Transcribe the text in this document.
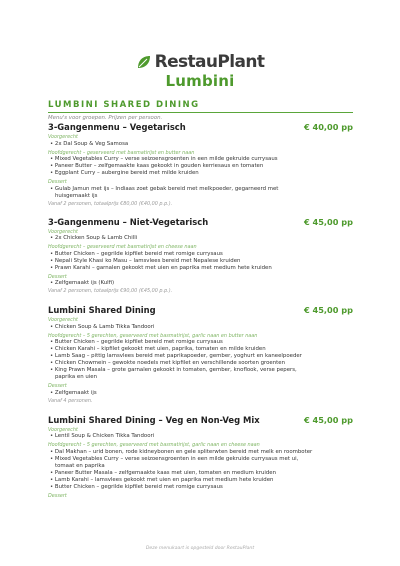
RestauPlant
Lumbini
LUMBINI SHARED DINING
Menu's voor groepen. Prijzen per persoon.
3-Gangenmenu – Vegetarisch	€ 40,00 pp
Voorgerecht
• 2x Dal Soup & Veg Samosa
Hoofdgerecht – geserveerd met basmatirijst en butter naan
• Mixed Vegetables Curry – verse seizoensgroenten in een milde gekruide currysaus
• Paneer Butter – zelfgemaakte kaas gekookt in gouden kerriesaus en tomaten
• Eggplant Curry – aubergine bereid met milde kruiden
Dessert
• Gulab Jamun met ijs – Indiaas zoet gebak bereid met melkpoeder, gegarneerd met
huisgemaakt ijs
Vanaf 2 personen, totaalprijs €80,00 (€40,00 p.p.).
3-Gangenmenu – Niet-Vegetarisch	€ 45,00 pp
Voorgerecht
• 2x Chicken Soup & Lamb Chilli
Hoofdgerecht – geserveerd met basmatirijst en cheese naan
• Butter Chicken – gegrilde kipfilet bereid met romige currysaus
• Nepali Style Khasi ko Masu – lamsvlees bereid met Nepalese kruiden
• Prawn Karahi – garnalen gekookt met uien en paprika met medium hete kruiden
Dessert
• Zelfgemaakt ijs (Kulfi)
Vanaf 2 personen, totaalprijs €90,00 (€45,00 p.p.).
Lumbini Shared Dining	€ 45,00 pp
Voorgerecht
• Chicken Soup & Lamb Tikka Tandoori
Hoofdgerecht – 5 gerechten, geserveerd met basmatirijst, garlic naan en butter naan
• Butter Chicken – gegrilde kipfilet bereid met romige currysaus
• Chicken Karahi – kipfilet gekookt met uien, paprika, tomaten en milde kruiden
• Lamb Saag – pittig lamsvlees bereid met paprikapoeder, gember, yoghurt en kaneelpoeder
• Chicken Chowmein – gewokte noedels met kipfilet en verschillende soorten groenten
• King Prawn Masala – grote garnalen gekookt in tomaten, gember, knoflook, verse pepers,
paprika en uien
Dessert
• Zelfgemaakt ijs
Vanaf 4 personen.
Lumbini Shared Dining – Veg en Non-Veg Mix	€ 45,00 pp
Voorgerecht
• Lentil Soup & Chicken Tikka Tandoori
Hoofdgerecht – 5 gerechten, geserveerd met basmatirijst, garlic naan en cheese naan
• Dal Makhan – urid bonen, rode kidneybonen en gele spliterwten bereid met melk en roomboter
• Mixed Vegetables Curry – verse seizoensgroenten in een milde gekruide currysaus met ui,
tomaat en paprika
• Paneer Butter Masala – zelfgemaakte kaas met uien, tomaten en medium kruiden
• Lamb Karahi – lamsvlees gekookt met uien en paprika met medium hete kruiden
• Butter Chicken – gegrilde kipfilet bereid met romige currysaus
Dessert
Deze menukaart is opgesteld door RestauPlant
